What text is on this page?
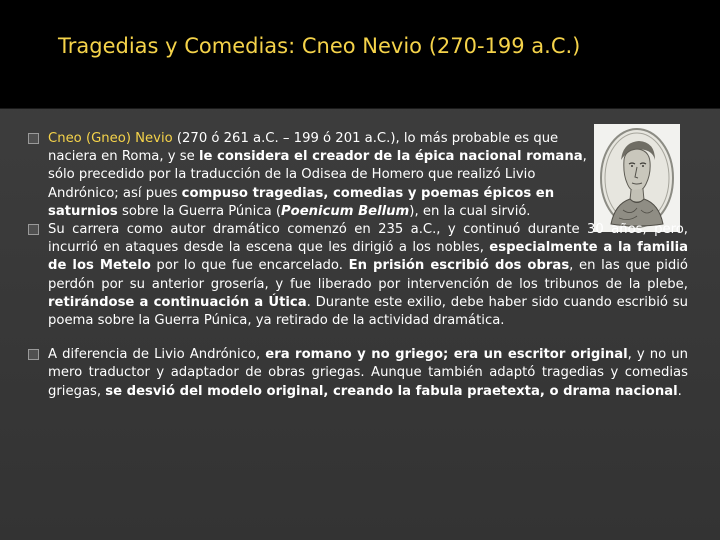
Tragedias y Comedias: Cneo Nevio (270-199 a.C.)
Cneo (Gneo) Nevio (270 ó 261 a.C. – 199 ó 201 a.C.), lo más probable es que naciera en Roma, y se le considera el creador de la épica nacional romana, sólo precedido por la traducción de la Odisea de Homero que realizó Livio Andrónico; así pues compuso tragedias, comedias y poemas épicos en saturnios sobre la Guerra Púnica (Poenicum Bellum), en la cual sirvió.
Su carrera como autor dramático comenzó en 235 a.C., y continuó durante 30 años, pero, incurrió en ataques desde la escena que les dirigió a los nobles, especialmente a la familia de los Metelo por lo que fue encarcelado. En prisión escribió dos obras, en las que pidió perdón por su anterior grosería, y fue liberado por intervención de los tribunos de la plebe, retirándose a continuación a Útica. Durante este exilio, debe haber sido cuando escribió su poema sobre la Guerra Púnica, ya retirado de la actividad dramática.
A diferencia de Livio Andrónico, era romano y no griego; era un escritor original, y no un mero traductor y adaptador de obras griegas. Aunque también adaptó tragedias y comedias griegas, se desvió del modelo original, creando la fabula praetexta, o drama nacional.
